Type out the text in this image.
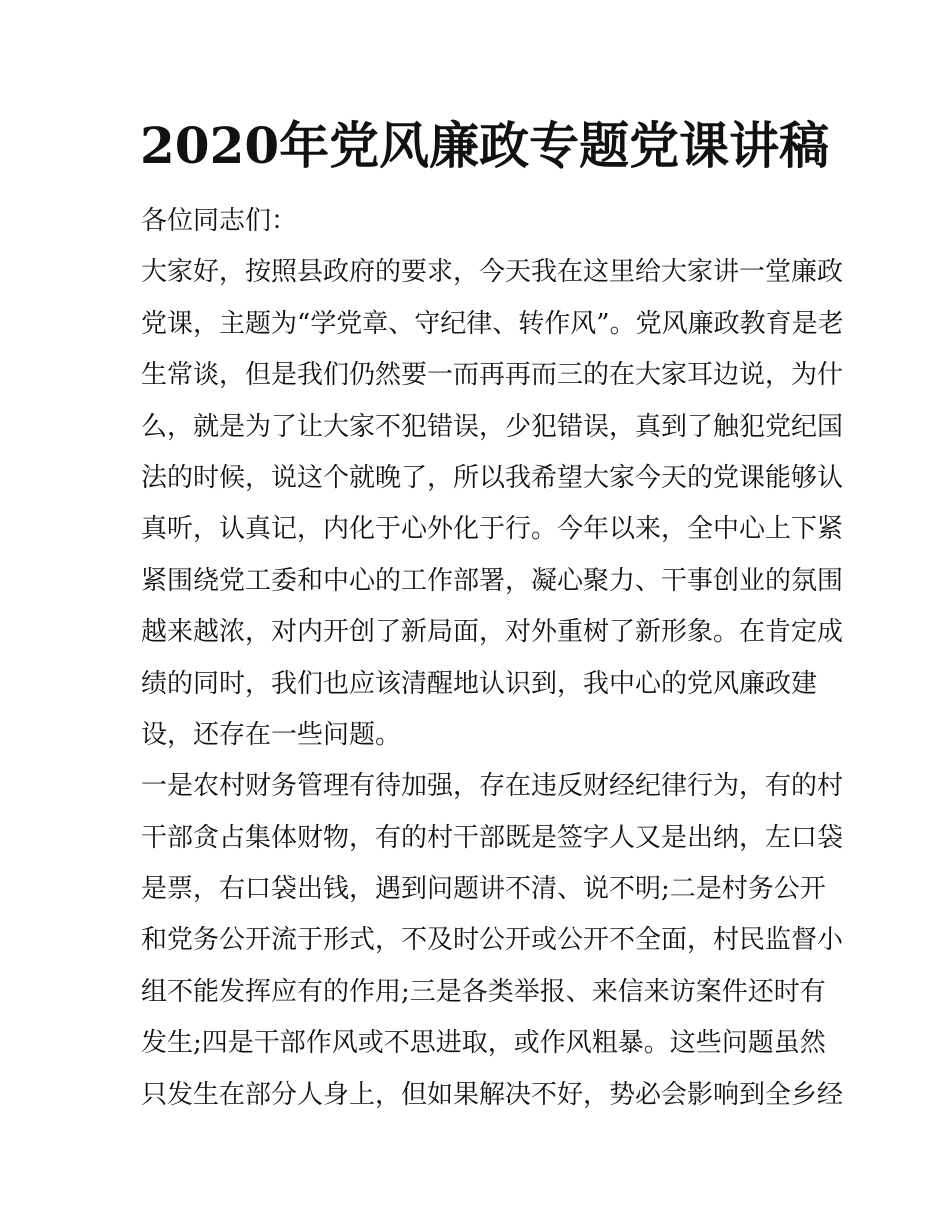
2020年党风廉政专题党课讲稿
各位同志们：
大家好，按照县政府的要求，今天我在这里给大家讲一堂廉政
党课，主题为“学党章、守纪律、转作风”。党风廉政教育是老
生常谈，但是我们仍然要一而再再而三的在大家耳边说，为什
么，就是为了让大家不犯错误，少犯错误，真到了触犯党纪国
法的时候，说这个就晚了，所以我希望大家今天的党课能够认
真听，认真记，内化于心外化于行。今年以来，全中心上下紧
紧围绕党工委和中心的工作部署，凝心聚力、干事创业的氛围
越来越浓，对内开创了新局面，对外重树了新形象。在肯定成
绩的同时，我们也应该清醒地认识到，我中心的党风廉政建
设，还存在一些问题。
一是农村财务管理有待加强，存在违反财经纪律行为，有的村
干部贪占集体财物，有的村干部既是签字人又是出纳，左口袋
是票，右口袋出钱，遇到问题讲不清、说不明;二是村务公开
和党务公开流于形式，不及时公开或公开不全面，村民监督小
组不能发挥应有的作用;三是各类举报、来信来访案件还时有
发生;四是干部作风或不思进取，或作风粗暴。这些问题虽然
只发生在部分人身上，但如果解决不好，势必会影响到全乡经
